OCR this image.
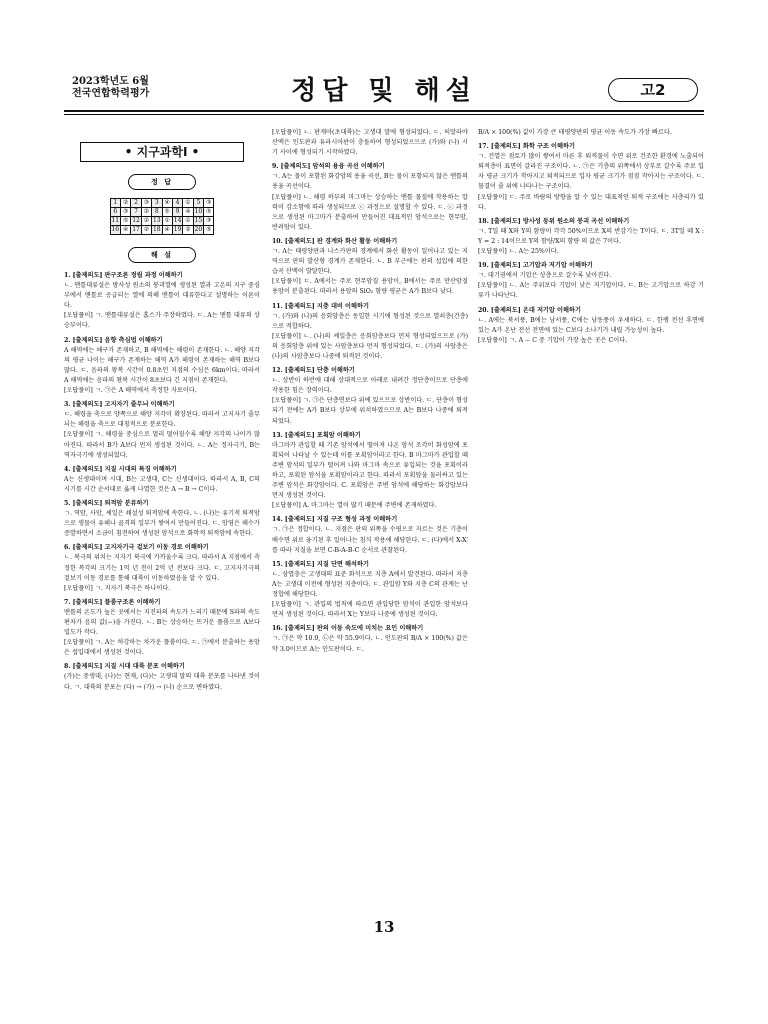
2023학년도 6월
전국연합학력평가	정답 및 해설	고2
• 지구과학Ⅰ •
정 답
1	②	2	③	3	④	4	①	5	③
6	③	7	②	8	⑤	9	④	10	⑤
11	⑤	12	②	13	①	14	①	15	③
16	④	17	②	18	④	19	②	20	⑤
해 설
1. [출제의도] 판구조론 정립 과정 이해하기

ㄴ. 맨틀대류설은 방사성 원소의 붕괴열에 생성된 열과 고온의 지구 중심부에서 맨틀로 공급되는 열에 의해 맨틀이 대류한다고 설명하는 이론이다.

[오답풀이] ㄱ. 맨틀대류설은 홈스가 주장하였다. ㄷ. A는 맨틀 대류의 상승부이다.

2. [출제의도] 음향 측심법 이해하기

A 해역에는 해구가 존재하고, B 해역에는 해령이 존재한다. ㄴ. 해양 지각의 평균 나이는 해구가 존재하는 해역 A가 해령이 존재하는 해역 B보다 많다. ㄷ. 음파의 왕복 시간이 0.8초인 지점의 수심은 6km이다. 따라서 A 해역에는 음파의 왕복 시간이 8초보다 긴 지점이 존재한다.

[오답풀이] ㄱ. ㉠은 A 해역에서 측정한 자료이다.

3. [출제의도] 고지자기 줄무늬 이해하기

ㄷ. 해령을 축으로 양쪽으로 해양 지각이 확장된다. 따라서 고지자기 줄무늬는 해령을 축으로 대칭적으로 분포한다.

[오답풀이] ㄱ. 해령을 중심으로 멀리 떨어질수록 해양 지각의 나이가 많아진다. 따라서 B가 A보다 먼저 생성된 것이다. ㄴ. A는 정자극기, B는 역자극기에 생성되었다.

4. [출제의도] 지질 시대의 특징 이해하기

A는 신생대이며 시대, B는 고생대, C는 신생대이다. 따라서 A, B, C의 시기를 시간 순서대로 옳게 나열한 것은 A → B → C이다.

5. [출제의도] 퇴적암 분류하기

ㄱ. 역암, 사암, 셰일은 쇄설성 퇴적암에 속한다. ㄴ. (나)는 유기적 퇴적암으로 생물이 유해나 골격의 일부가 쌓여서 만들어진다. ㄷ. 암염은 해수가 증발하면서 소금이 침전하여 생성된 암석으로 화학적 퇴적암에 속한다.

6. [출제의도] 고지자기극 겉보기 이동 경로 이해하기

ㄴ. 북극의 위치는 지자기 북극에 가까울수록 크다. 따라서 A 지점에서 측정한 복각의 크기는 1억 년 전이 2억 년 전보다 크다. ㄷ. 고지자기극의 겉보기 이동 경로를 통해 대륙이 이동하였음을 알 수 있다.

[오답풀이] ㄱ. 지자기 북극은 하나이다.

7. [출제의도] 플룸구조론 이해하기

맨틀의 온도가 높은 곳에서는 지진파의 속도가 느리기 때문에 S파의 속도 편차가 음의 값(−)을 가진다. ㄴ. B는 상승하는 뜨거운 플룸으로 A보다 밀도가 작다.

[오답풀이] ㄱ. A는 하강하는 차가운 플룸이다. ㄷ. ㉠에서 분출하는 용암은 섭입대에서 생성된 것이다.

8. [출제의도] 지질 시대 대륙 분포 이해하기

(가)는 중생대, (나)는 현재, (다)는 고생대 말의 대륙 분포를 나타낸 것이다. ㄱ. 대륙의 분포는 (다) → (가) → (나) 순으로 변하였다.

[오답풀이] ㄴ. 판게아(초대륙)는 고생대 말에 형성되었다. ㄷ. 히말라야산맥은 인도판과 유라시아판이 충돌하여 형성되었으므로 (가)와 (나) 시기 사이에 형성되기 시작하였다.

9. [출제의도] 암석의 용융 곡선 이해하기

ㄱ. A는 물이 포함된 화강암의 용융 곡선, B는 물이 포함되지 않은 맨틀의 용융 곡선이다.

[오답풀이] ㄴ. 해령 하부의 마그마는 상승하는 맨틀 물질에 작용하는 압력이 감소함에 따라 생성되므로 ⓒ 과정으로 설명할 수 있다. ㄷ. ⓒ 과정으로 생성된 마그마가 분출하여 만들어진 대표적인 암석으로는 현무암, 반려암이 있다.

10. [출제의도] 판 경계와 화산 활동 이해하기

ㄱ. A는 태평양판과 나스카판의 경계에서 화산 활동이 일어나고 있는 지역으로 판의 발산형 경계가 존재한다. ㄴ. B 부근에는 판의 섭입에 의한 습곡 산맥이 발달한다.

[오답풀이] ㄷ. A에서는 주로 현무암질 용암이, B에서는 주로 안산암질 용암이 분출된다. 따라서 용암의 SiO₂ 함량 평균은 A가 B보다 낮다.

11. [출제의도] 지층 대비 이해하기

ㄱ. (가)와 (나)의 응회암층은 동일한 시기에 형성된 것으로 열쇠층(건층)으로 적합하다.

[오답풀이] ㄴ. (나)의 셰일층은 응회암층보다 먼저 형성되었으므로 (가)의 응회암층 위에 있는 사암층보다 먼저 형성되었다. ㄷ. (가)의 사암층은 (나)의 사암층보다 나중에 퇴적된 것이다.

12. [출제의도] 단층 이해하기

ㄴ. 상반이 하반에 대해 상대적으로 아래로 내려간 정단층이므로 단층에 작용한 힘은 장력이다.

[오답풀이] ㄱ. ㉠은 단층면보다 위에 있으므로 상반이다. ㄷ. 단층이 형성되기 전에는 A가 B보다 상부에 위치하였으므로 A는 B보다 나중에 퇴적되었다.

13. [출제의도] 포획암 이해하기

마그마가 관입할 때 기존 암석에서 떨어져 나온 암석 조각이 화성암에 포획되어 나타날 수 있는데 이를 포획암이라고 한다. B 마그마가 관입할 때 주변 암석의 일부가 떨어져 나와 마그마 속으로 유입되는 것을 포획이라 하고, 포획된 암석을 포획암이라고 한다. 따라서 포획암을 둘러싸고 있는 주변 암석은 화강암이다. C. 포획암은 주변 암석에 해당하는 화강암보다 먼저 생성된 것이다.

[오답풀이] A. 마그마는 열이 많기 때문에 주변에 존재하였다.

14. [출제의도] 지질 구조 형성 과정 이해하기

ㄱ. ㉠은 정합이다. ㄴ. 지점은 판의 위쪽을 수평으로 자르는 것은 기층이 배수면 위로 융기된 후 일어나는 침식 작용에 해당한다. ㄷ. (다)에서 X-X′를 따라 지질을 보면 C-B-A-B-C 순서로 관찰된다.

15. [출제의도] 지질 단면 해석하기

ㄴ. 삼엽충은 고생대의 표준 화석으로 지층 A에서 발견된다. 따라서 지층 A는 고생대 이전에 형성된 지층이다. ㄷ. 관입암 Y와 지층 C의 관계는 난정합에 해당한다.

[오답풀이] ㄱ. 관입의 법칙에 따르면 관입당한 암석이 관입한 암석보다 먼저 생성된 것이다. 따라서 X는 Y보다 나중에 생성된 것이다.

16. [출제의도] 판의 이동 속도에 미치는 요인 이해하기

ㄱ. ㉠은 약 10.9, ㉡은 약 55.9이다. ㄴ. 인도판의 B/A × 100(%) 값은 약 3.0이므로 A는 인도판이다. ㄷ.

B/A × 100(%) 값이 가장 큰 태평양판의 평균 이동 속도가 가장 빠르다.

17. [출제의도] 화학 구조 이해하기

ㄱ. 건열은 점토가 많이 쌓여서 마른 후 퇴적물이 수면 위로 건조한 환경에 노출되어 퇴적층이 표면이 갈라진 구조이다. ㄴ. ㉠은 기층의 위쪽에서 상부로 갈수록 주로 입자 평균 크기가 작아지고 퇴적되므로 입자 평균 크기가 점점 작아지는 구조이다. ㄷ. 물결이 줄 위에 나타나는 구조이다.

[오답풀이] ㄷ. 주로 바람의 방향을 알 수 있는 대표적인 퇴적 구조에는 사층리가 있다.

18. [출제의도] 방사성 동위 원소의 붕괴 곡선 이해하기

ㄱ. T일 때 X와 Y의 함량이 각각 50%이므로 X의 반감기는 T이다. ㄷ. 3T일 때 X : Y = 2 : 14이므로 Y의 함량/X의 함량 의 값은 7이다.

[오답풀이] ㄴ. A는 25%이다.

19. [출제의도] 고기압과 저기압 이해하기

ㄱ. 대기권에서 기압은 상층으로 갈수록 낮아진다.

[오답풀이] ㄴ. A는 주위보다 기압이 낮은 저기압이다. ㄷ. B는 고기압으로 하강 기류가 나타난다.

20. [출제의도] 온대 저기압 이해하기

ㄴ. A에는 북서풍, B에는 남서풍, C에는 남동풍이 우세하다. ㄷ. 한랭 전선 후면에 있는 A가 온난 전선 전면에 있는 C보다 소나기가 내릴 가능성이 높다.

[오답풀이] ㄱ. A − C 중 기압이 가장 높은 곳은 C이다.

13
